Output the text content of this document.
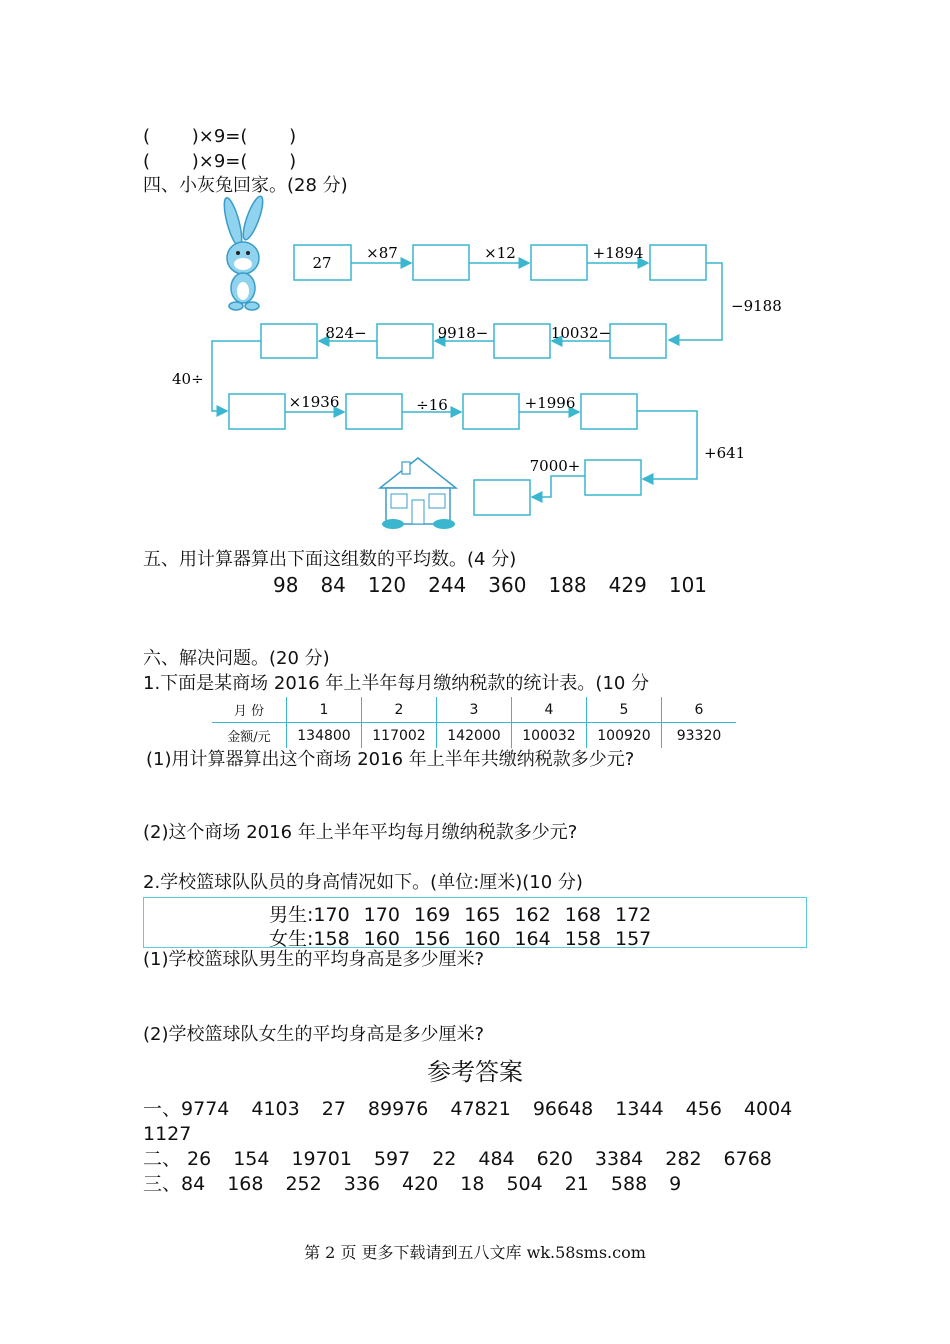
(　 　)×9=(　 　)
(　 　)×9=(　 　)
四、小灰兔回家。(28 分)
27
×87	×12	+1894
−9188
10032−
9918−
824−
40÷
×1936	÷16	+1996
+641
7000+
五、用计算器算出下面这组数的平均数。(4 分)
98 84 120 244 360 188 429 101
六、解决问题。(20 分)
1.下面是某商场 2016 年上半年每月缴纳税款的统计表。(10 分
月 份	1	2	3	4	5	6
金额/元	134800	117002	142000	100032	100920	93320
(1)用计算器算出这个商场 2016 年上半年共缴纳税款多少元?
(2)这个商场 2016 年上半年平均每月缴纳税款多少元?
2.学校篮球队队员的身高情况如下。(单位:厘米)(10 分)
男生:170 170 169 165 162 168 172
女生:158 160 156 160 164 158 157
(1)学校篮球队男生的平均身高是多少厘米?
(2)学校篮球队女生的平均身高是多少厘米?
参考答案
一、9774 4103 27 89976 47821 96648 1344 456 4004
1127
二、 26 154 19701 597 22 484 620 3384 282 6768
三、84 168 252 336 420 18 504 21 588 9
第 2 页 更多下载请到五八文库 wk.58sms.com
